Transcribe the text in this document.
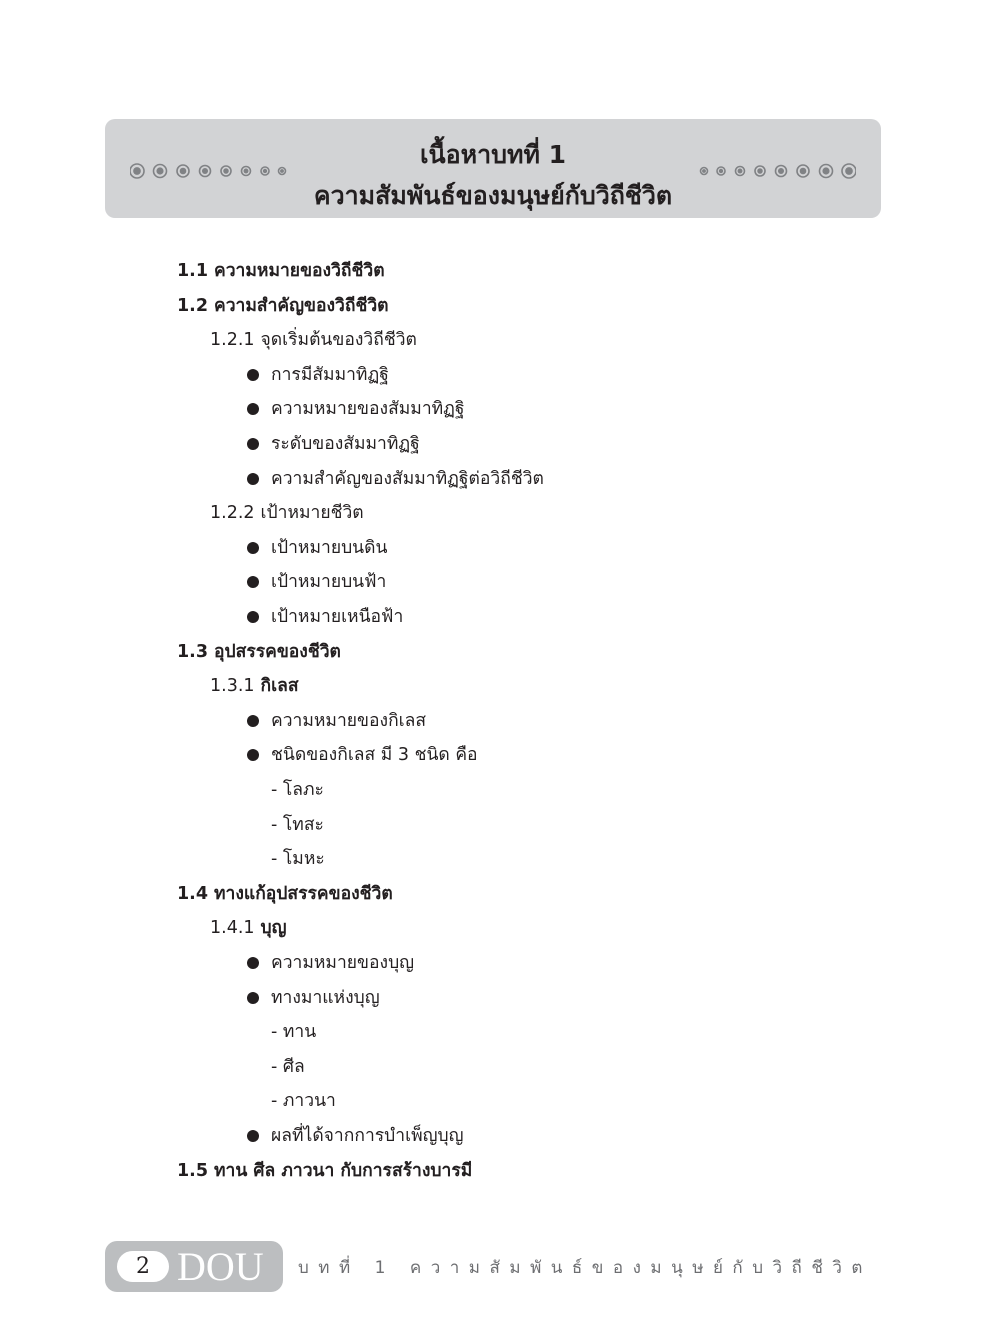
เนื้อหาบทที่ 1
ความสัมพันธ์ของมนุษย์กับวิถีชีวิต
1.1 ความหมายของวิถีชีวิต
1.2 ความสำคัญของวิถีชีวิต
1.2.1 จุดเริ่มต้นของวิถีชีวิต
การมีสัมมาทิฏฐิ
ความหมายของสัมมาทิฏฐิ
ระดับของสัมมาทิฏฐิ
ความสำคัญของสัมมาทิฏฐิต่อวิถีชีวิต
1.2.2 เป้าหมายชีวิต
เป้าหมายบนดิน
เป้าหมายบนฟ้า
เป้าหมายเหนือฟ้า
1.3 อุปสรรคของชีวิต
1.3.1 กิเลส
ความหมายของกิเลส
ชนิดของกิเลส มี 3 ชนิด คือ
- โลภะ
- โทสะ
- โมหะ
1.4 ทางแก้อุปสรรคของชีวิต
1.4.1 บุญ
ความหมายของบุญ
ทางมาแห่งบุญ
- ทาน
- ศีล
- ภาวนา
ผลที่ได้จากการบำเพ็ญบุญ
1.5 ทาน ศีล ภาวนา กับการสร้างบารมี
2 DOU บทที่ 1 ความสัมพันธ์ของมนุษย์กับวิถีชีวิต
